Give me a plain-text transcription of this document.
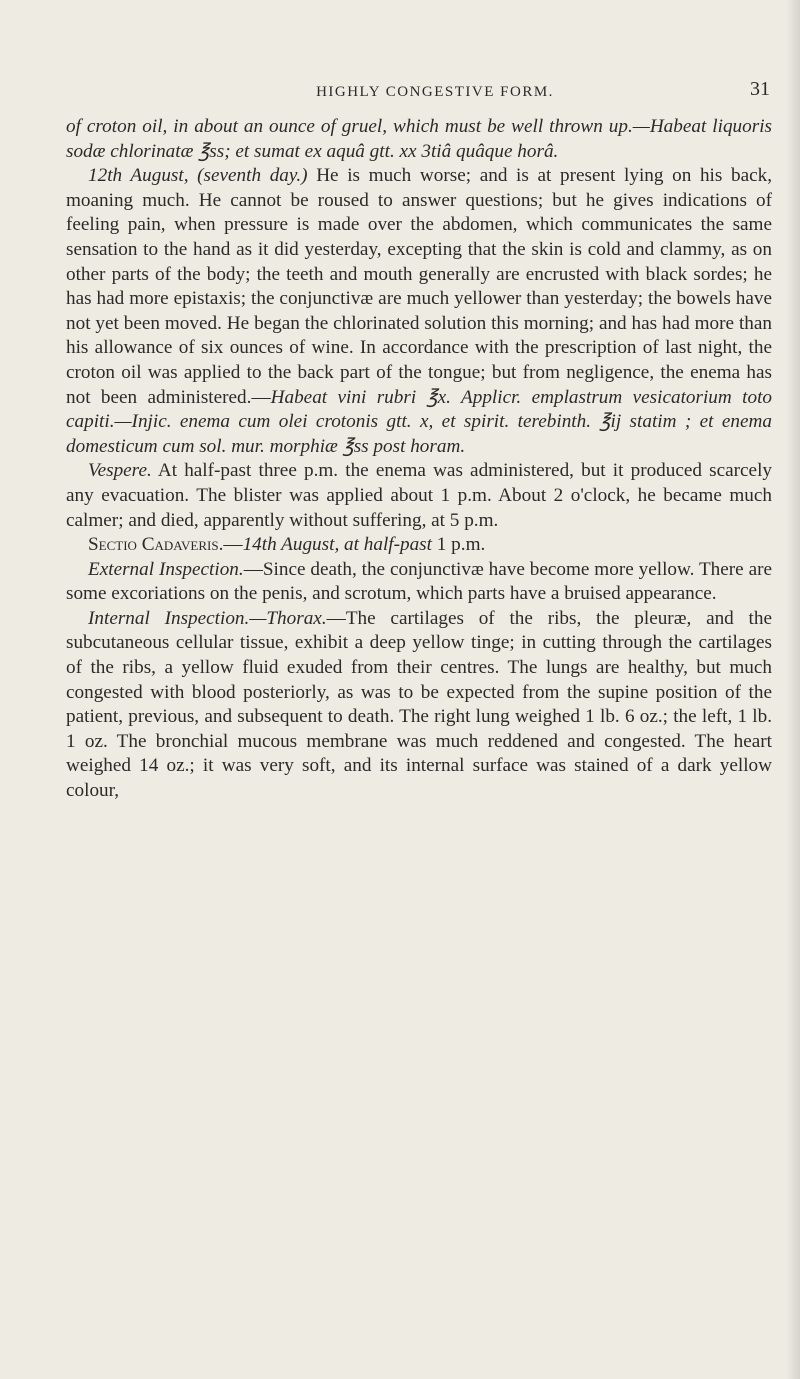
HIGHLY CONGESTIVE FORM.	31

of croton oil, in about an ounce of gruel, which must be well thrown up.—Habeat liquoris sodæ chlorinatæ ℥ss; et sumat ex aquâ gtt. xx 3tiâ quâque horâ.

12th August, (seventh day.) He is much worse; and is at present lying on his back, moaning much. He cannot be roused to answer questions; but he gives indications of feeling pain, when pressure is made over the abdomen, which communicates the same sensation to the hand as it did yesterday, excepting that the skin is cold and clammy, as on other parts of the body; the teeth and mouth generally are encrusted with black sordes; he has had more epistaxis; the conjunctivæ are much yellower than yesterday; the bowels have not yet been moved. He began the chlorinated solution this morning; and has had more than his allowance of six ounces of wine. In accordance with the prescription of last night, the croton oil was applied to the back part of the tongue; but from negligence, the enema has not been administered.—Habeat vini rubri ℥x. Applicr. emplastrum vesicatorium toto capiti.—Injic. enema cum olei crotonis gtt. x, et spirit. terebinth. ℥ij statim ; et enema domesticum cum sol. mur. morphiæ ℥ss post horam.

Vespere. At half-past three p.m. the enema was administered, but it produced scarcely any evacuation. The blister was applied about 1 p.m. About 2 o'clock, he became much calmer; and died, apparently without suffering, at 5 p.m.

Sectio Cadaveris.—14th August, at half-past 1 p.m.

External Inspection.—Since death, the conjunctivæ have become more yellow. There are some excoriations on the penis, and scrotum, which parts have a bruised appearance.

Internal Inspection.—Thorax.—The cartilages of the ribs, the pleuræ, and the subcutaneous cellular tissue, exhibit a deep yellow tinge; in cutting through the cartilages of the ribs, a yellow fluid exuded from their centres. The lungs are healthy, but much congested with blood posteriorly, as was to be expected from the supine position of the patient, previous, and subsequent to death. The right lung weighed 1 lb. 6 oz.; the left, 1 lb. 1 oz. The bronchial mucous membrane was much reddened and congested. The heart weighed 14 oz.; it was very soft, and its internal surface was stained of a dark yellow colour,
